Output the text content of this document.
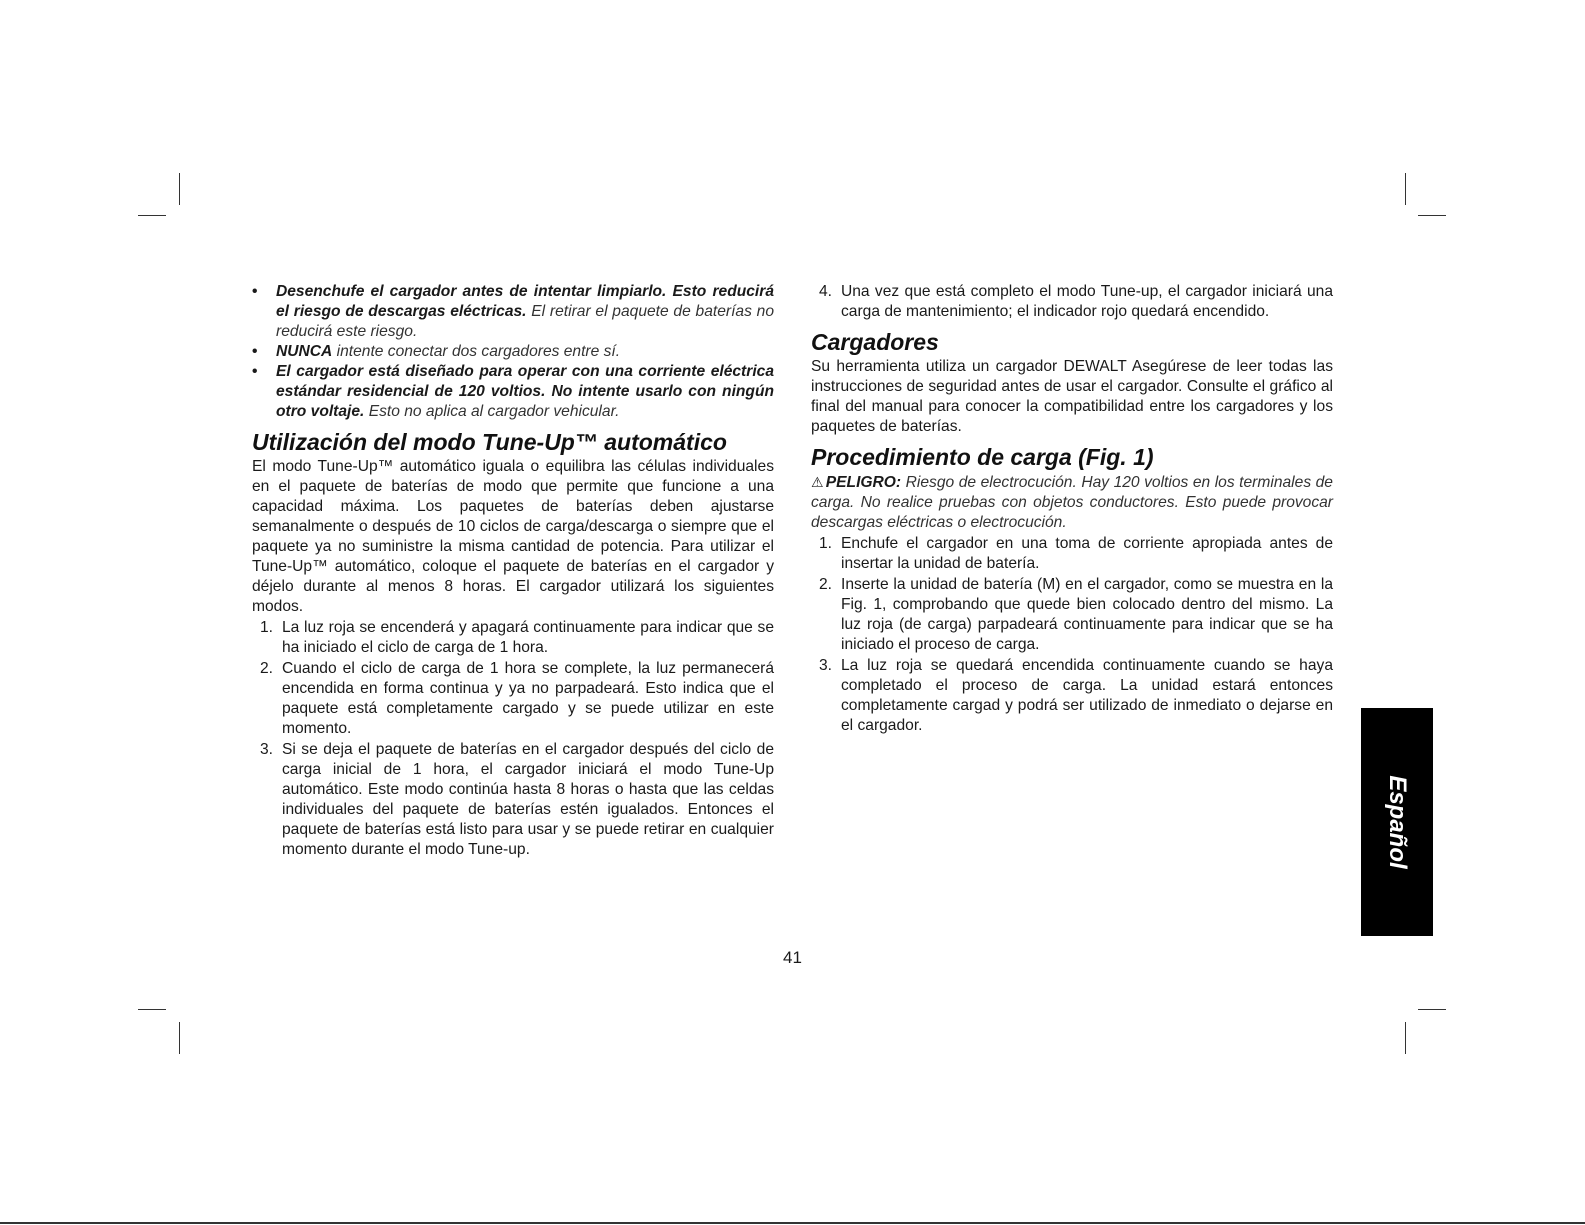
• Desenchufe el cargador antes de intentar limpiarlo. Esto reducirá el riesgo de descargas eléctricas. El retirar el paquete de baterías no reducirá este riesgo.
• NUNCA intente conectar dos cargadores entre sí.
• El cargador está diseñado para operar con una corriente eléctrica estándar residencial de 120 voltios. No intente usarlo con ningún otro voltaje. Esto no aplica al cargador vehicular.
Utilización del modo Tune-Up™ automático

El modo Tune-Up™ automático iguala o equilibra las células individuales en el paquete de baterías de modo que permite que funcione a una capacidad máxima. Los paquetes de baterías deben ajustarse semanalmente o después de 10 ciclos de carga/descarga o siempre que el paquete ya no suministre la misma cantidad de potencia. Para utilizar el Tune-Up™ automático, coloque el paquete de baterías en el cargador y déjelo durante al menos 8 horas. El cargador utilizará los siguientes modos.

1. La luz roja se encenderá y apagará continuamente para indicar que se ha iniciado el ciclo de carga de 1 hora.
2. Cuando el ciclo de carga de 1 hora se complete, la luz permanecerá encendida en forma continua y ya no parpadeará. Esto indica que el paquete está completamente cargado y se puede utilizar en este momento.
3. Si se deja el paquete de baterías en el cargador después del ciclo de carga inicial de 1 hora, el cargador iniciará el modo Tune-Up automático. Este modo continúa hasta 8 horas o hasta que las celdas individuales del paquete de baterías estén igualados. Entonces el paquete de baterías está listo para usar y se puede retirar en cualquier momento durante el modo Tune-up.
4. Una vez que está completo el modo Tune-up, el cargador iniciará una carga de mantenimiento; el indicador rojo quedará encendido.
Cargadores

Su herramienta utiliza un cargador DEWALT Asegúrese de leer todas las instrucciones de seguridad antes de usar el cargador. Consulte el gráfico al final del manual para conocer la compatibilidad entre los cargadores y los paquetes de baterías.

Procedimiento de carga (Fig. 1)

⚠ PELIGRO: Riesgo de electrocución. Hay 120 voltios en los terminales de carga. No realice pruebas con objetos conductores. Esto puede provocar descargas eléctricas o electrocución.

1. Enchufe el cargador en una toma de corriente apropiada antes de insertar la unidad de batería.
2. Inserte la unidad de batería (M) en el cargador, como se muestra en la Fig. 1, comprobando que quede bien colocado dentro del mismo. La luz roja (de carga) parpadeará continuamente para indicar que se ha iniciado el proceso de carga.
3. La luz roja se quedará encendida continuamente cuando se haya completado el proceso de carga. La unidad estará entonces completamente cargad y podrá ser utilizado de inmediato o dejarse en el cargador.
Español
41
